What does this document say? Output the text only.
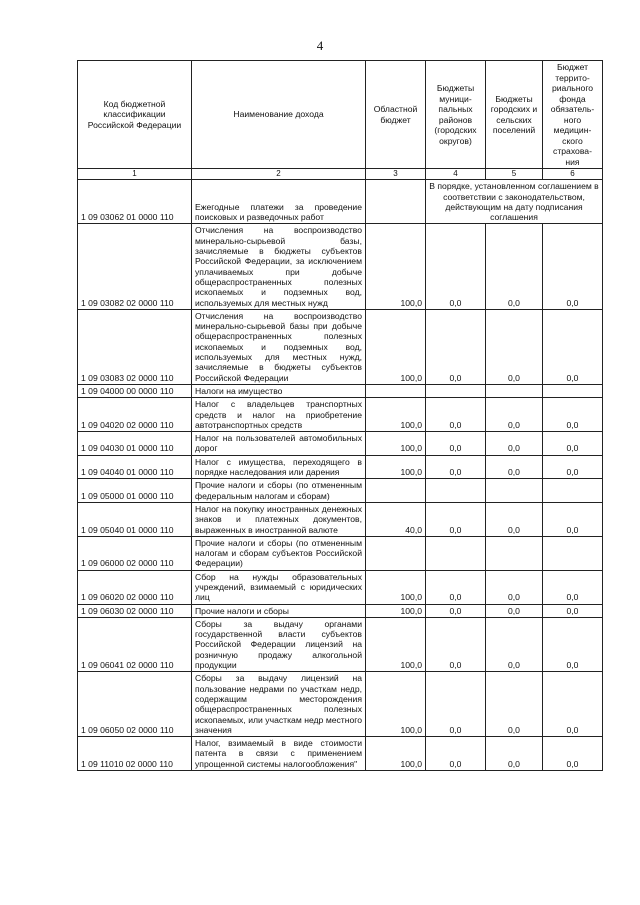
4
Код бюджетной классификации Российской Федерации	Наименование дохода	Областной бюджет	Бюджеты муници-пальных районов (городских округов)	Бюджеты городских и сельских поселений	Бюджет террито-риального фонда обязатель-ного медицин-ского страхова-ния
1	2	3	4	5	6
1 09 03062 01 0000 110	Ежегодные платежи за проведение поисковых и разведочных работ		В порядке, установленном соглашением в соответствии с законодательством, действующим на дату подписания соглашения		
1 09 03082 02 0000 110	Отчисления на воспроизводство минерально-сырьевой базы, зачисляемые в бюджеты субъектов Российской Федерации, за исключением уплачиваемых при добыче общераспространенных полезных ископаемых и подземных вод, используемых для местных нужд	100,0	0,0	0,0	0,0
1 09 03083 02 0000 110	Отчисления на воспроизводство минерально-сырьевой базы при добыче общераспространенных полезных ископаемых и подземных вод, используемых для местных нужд, зачисляемые в бюджеты субъектов Российской Федерации	100,0	0,0	0,0	0,0
1 09 04000 00 0000 110	Налоги на имущество				
1 09 04020 02 0000 110	Налог с владельцев транспортных средств и налог на приобретение автотранспортных средств	100,0	0,0	0,0	0,0
1 09 04030 01 0000 110	Налог на пользователей автомобильных дорог	100,0	0,0	0,0	0,0
1 09 04040 01 0000 110	Налог с имущества, переходящего в порядке наследования или дарения	100,0	0,0	0,0	0,0
1 09 05000 01 0000 110	Прочие налоги и сборы (по отмененным федеральным налогам и сборам)				
1 09 05040 01 0000 110	Налог на покупку иностранных денежных знаков и платежных документов, выраженных в иностранной валюте	40,0	0,0	0,0	0,0
1 09 06000 02 0000 110	Прочие налоги и сборы (по отмененным налогам и сборам субъектов Российской Федерации)				
1 09 06020 02 0000 110	Сбор на нужды образовательных учреждений, взимаемый с юридических лиц	100,0	0,0	0,0	0,0
1 09 06030 02 0000 110	Прочие налоги и сборы	100,0	0,0	0,0	0,0
1 09 06041 02 0000 110	Сборы за выдачу органами государственной власти субъектов Российской Федерации лицензий на розничную продажу алкогольной продукции	100,0	0,0	0,0	0,0
1 09 06050 02 0000 110	Сборы за выдачу лицензий на пользование недрами по участкам недр, содержащим месторождения общераспространенных полезных ископаемых, или участкам недр местного значения	100,0	0,0	0,0	0,0
1 09 11010 02 0000 110	Налог, взимаемый в виде стоимости патента в связи с применением упрощенной системы налогообложения"	100,0	0,0	0,0	0,0
